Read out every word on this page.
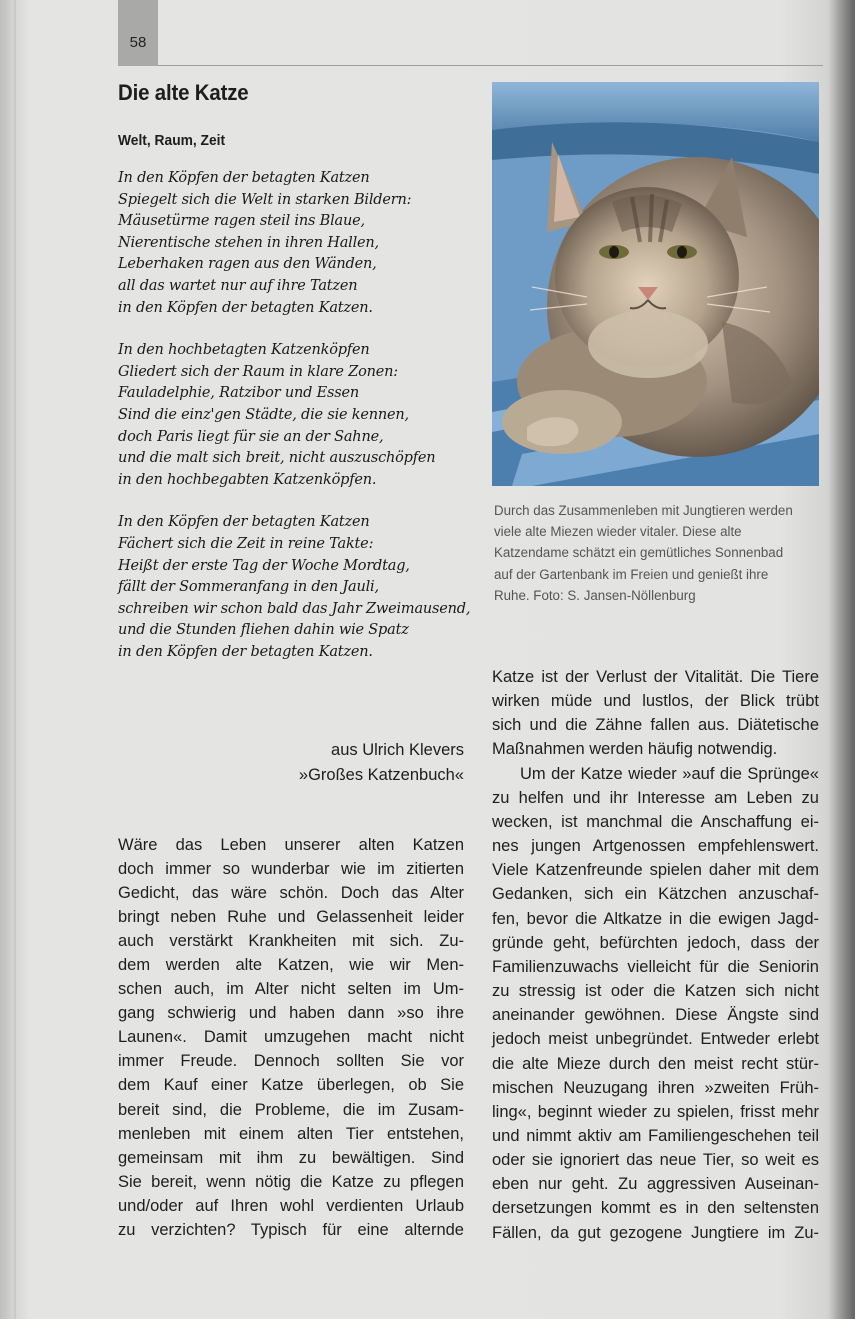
58
Die alte Katze
Welt, Raum, Zeit
In den Köpfen der betagten Katzen
Spiegelt sich die Welt in starken Bildern:
Mäusetürme ragen steil ins Blaue,
Nierentische stehen in ihren Hallen,
Leberhaken ragen aus den Wänden,
all das wartet nur auf ihre Tatzen
in den Köpfen der betagten Katzen.
In den hochbetagten Katzenköpfen
Gliedert sich der Raum in klare Zonen:
Fauladelphie, Ratzibor und Essen
Sind die einz'gen Städte, die sie kennen,
doch Paris liegt für sie an der Sahne,
und die malt sich breit, nicht auszuschöpfen
in den hochbegabten Katzenköpfen.
In den Köpfen der betagten Katzen
Fächert sich die Zeit in reine Takte:
Heißt der erste Tag der Woche Mordtag,
fällt der Sommeranfang in den Jauli,
schreiben wir schon bald das Jahr Zweimausend,
und die Stunden fliehen dahin wie Spatz
in den Köpfen der betagten Katzen.
aus Ulrich Klevers
»Großes Katzenbuch«
Wäre das Leben unserer alten Katzen
doch immer so wunderbar wie im zitierten
Gedicht, das wäre schön. Doch das Alter
bringt neben Ruhe und Gelassenheit leider
auch verstärkt Krankheiten mit sich. Zu-
dem werden alte Katzen, wie wir Men-
schen auch, im Alter nicht selten im Um-
gang schwierig und haben dann »so ihre
Launen«. Damit umzugehen macht nicht
immer Freude. Dennoch sollten Sie vor
dem Kauf einer Katze überlegen, ob Sie
bereit sind, die Probleme, die im Zusam-
menleben mit einem alten Tier entstehen,
gemeinsam mit ihm zu bewältigen. Sind
Sie bereit, wenn nötig die Katze zu pflegen
und/oder auf Ihren wohl verdienten Urlaub
zu verzichten? Typisch für eine alternde
Durch das Zusammenleben mit Jungtieren werden
viele alte Miezen wieder vitaler. Diese alte
Katzendame schätzt ein gemütliches Sonnenbad
auf der Gartenbank im Freien und genießt ihre
Ruhe. Foto: S. Jansen-Nöllenburg
Katze ist der Verlust der Vitalität. Die Tiere
wirken müde und lustlos, der Blick trübt
sich und die Zähne fallen aus. Diätetische
Maßnahmen werden häufig notwendig.
Um der Katze wieder »auf die Sprünge«
zu helfen und ihr Interesse am Leben zu
wecken, ist manchmal die Anschaffung ei-
nes jungen Artgenossen empfehlenswert.
Viele Katzenfreunde spielen daher mit dem
Gedanken, sich ein Kätzchen anzuschaf-
fen, bevor die Altkatze in die ewigen Jagd-
gründe geht, befürchten jedoch, dass der
Familienzuwachs vielleicht für die Seniorin
zu stressig ist oder die Katzen sich nicht
aneinander gewöhnen. Diese Ängste sind
jedoch meist unbegründet. Entweder erlebt
die alte Mieze durch den meist recht stür-
mischen Neuzugang ihren »zweiten Früh-
ling«, beginnt wieder zu spielen, frisst mehr
und nimmt aktiv am Familiengeschehen teil
oder sie ignoriert das neue Tier, so weit es
eben nur geht. Zu aggressiven Auseinan-
dersetzungen kommt es in den seltensten
Fällen, da gut gezogene Jungtiere im Zu-
